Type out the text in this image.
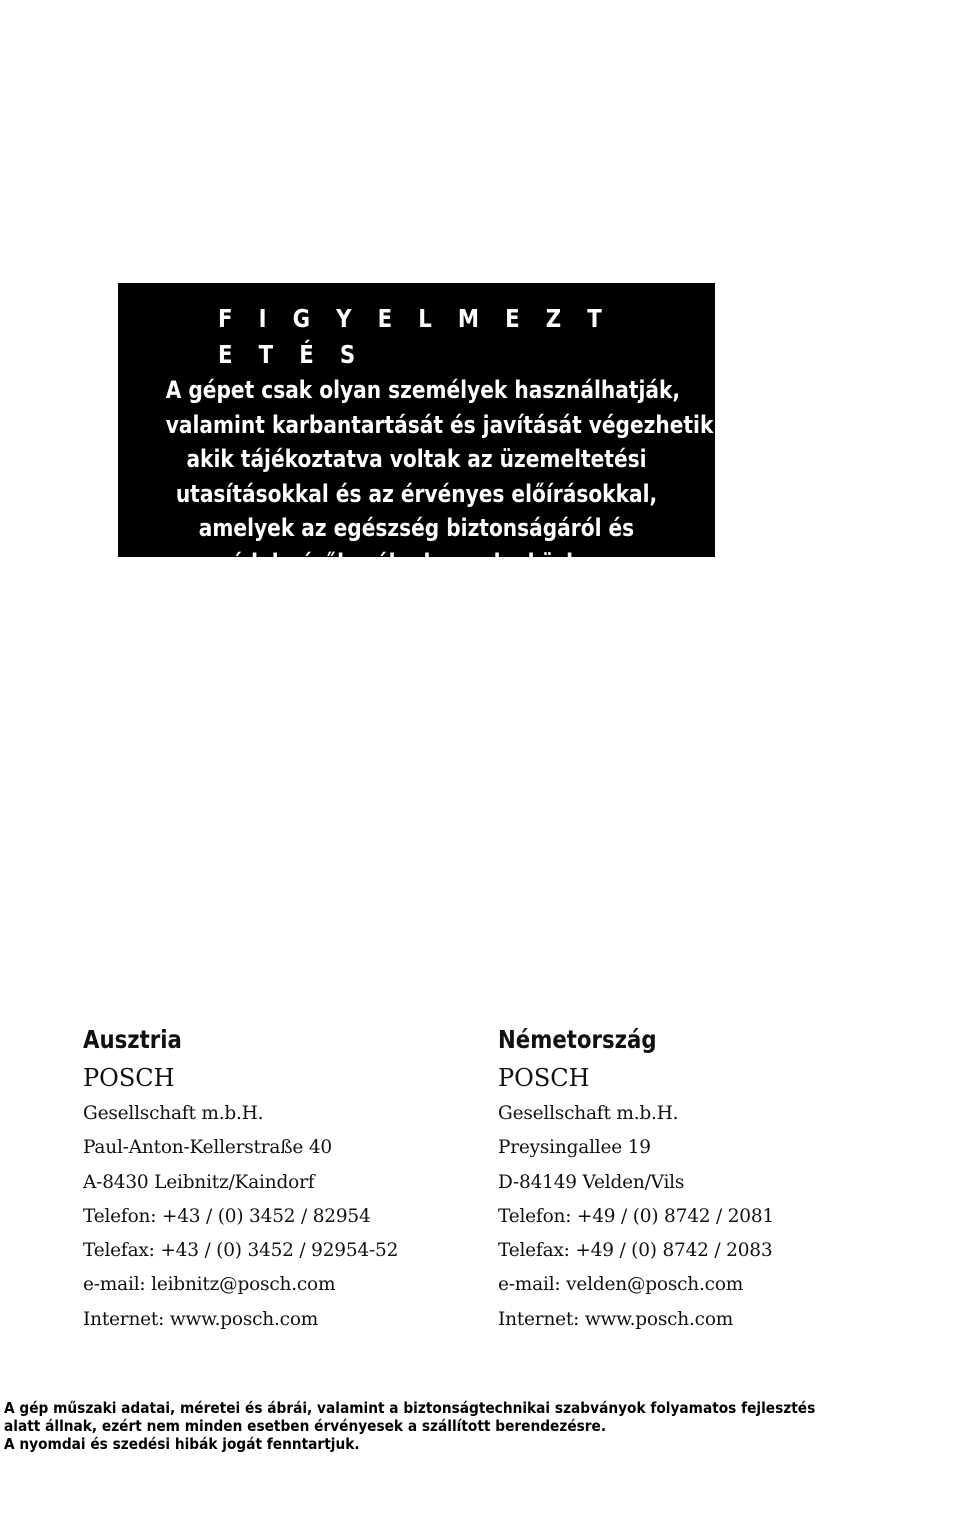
F I G Y E L M E Z T E T É S
A gépet csak olyan személyek használhatják,
valamint karbantartását és javítását végezhetik
akik tájékoztatva voltak az üzemeltetési
utasításokkal és az érvényes előírásokkal,
amelyek az egészség biztonságáról és
védelméről szólnak munka közben.
Ausztria
POSCH
Gesellschaft m.b.H.
Paul-Anton-Kellerstraße 40
A-8430 Leibnitz/Kaindorf
Telefon: +43 / (0) 3452 / 82954
Telefax: +43 / (0) 3452 / 92954-52
e-mail: leibnitz@posch.com
Internet: www.posch.com
Németország
POSCH
Gesellschaft m.b.H.
Preysingallee 19
D-84149 Velden/Vils
Telefon: +49 / (0) 8742 / 2081
Telefax: +49 / (0) 8742 / 2083
e-mail: velden@posch.com
Internet: www.posch.com
A gép műszaki adatai, méretei és ábrái, valamint a biztonságtechnikai szabványok folyamatos fejlesztés
alatt állnak, ezért nem minden esetben érvényesek a szállított berendezésre.
A nyomdai és szedési hibák jogát fenntartjuk.
